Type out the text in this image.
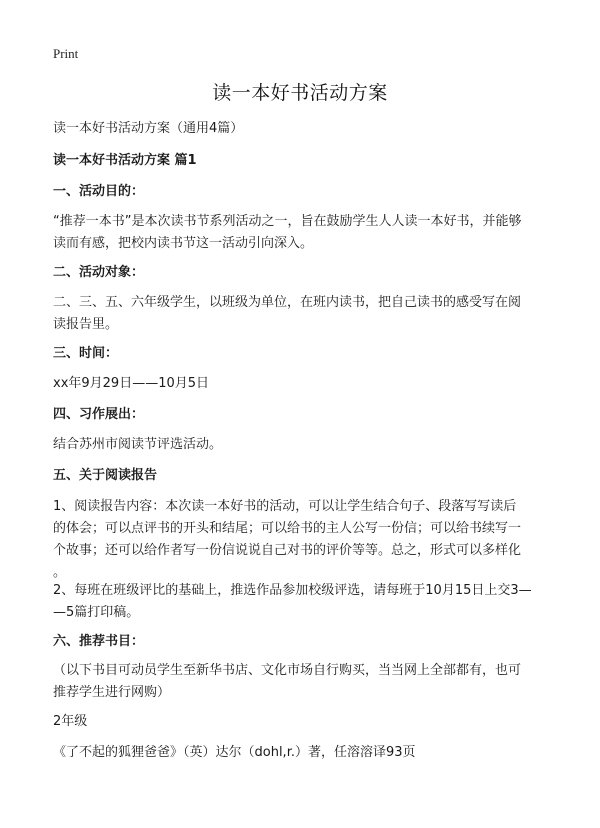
Print
读一本好书活动方案
读一本好书活动方案（通用4篇）
读一本好书活动方案 篇1
一、活动目的：
“推荐一本书”是本次读书节系列活动之一，旨在鼓励学生人人读一本好书，并能够
读而有感，把校内读书节这一活动引向深入。
二、活动对象：
二、三、五、六年级学生，以班级为单位，在班内读书，把自己读书的感受写在阅
读报告里。
三、时间：
xx年9月29日——10月5日
四、习作展出：
结合苏州市阅读节评选活动。
五、关于阅读报告
1、阅读报告内容：本次读一本好书的活动，可以让学生结合句子、段落写写读后
的体会；可以点评书的开头和结尾；可以给书的主人公写一份信；可以给书续写一
个故事；还可以给作者写一份信说说自己对书的评价等等。总之，形式可以多样化
。
2、每班在班级评比的基础上，推选作品参加校级评选，请每班于10月15日上交3—
—5篇打印稿。
六、推荐书目：
（以下书目可动员学生至新华书店、文化市场自行购买，当当网上全部都有，也可
推荐学生进行网购）
2年级
《了不起的狐狸爸爸》（英）达尔（dohl,r.）著，任溶溶译93页
